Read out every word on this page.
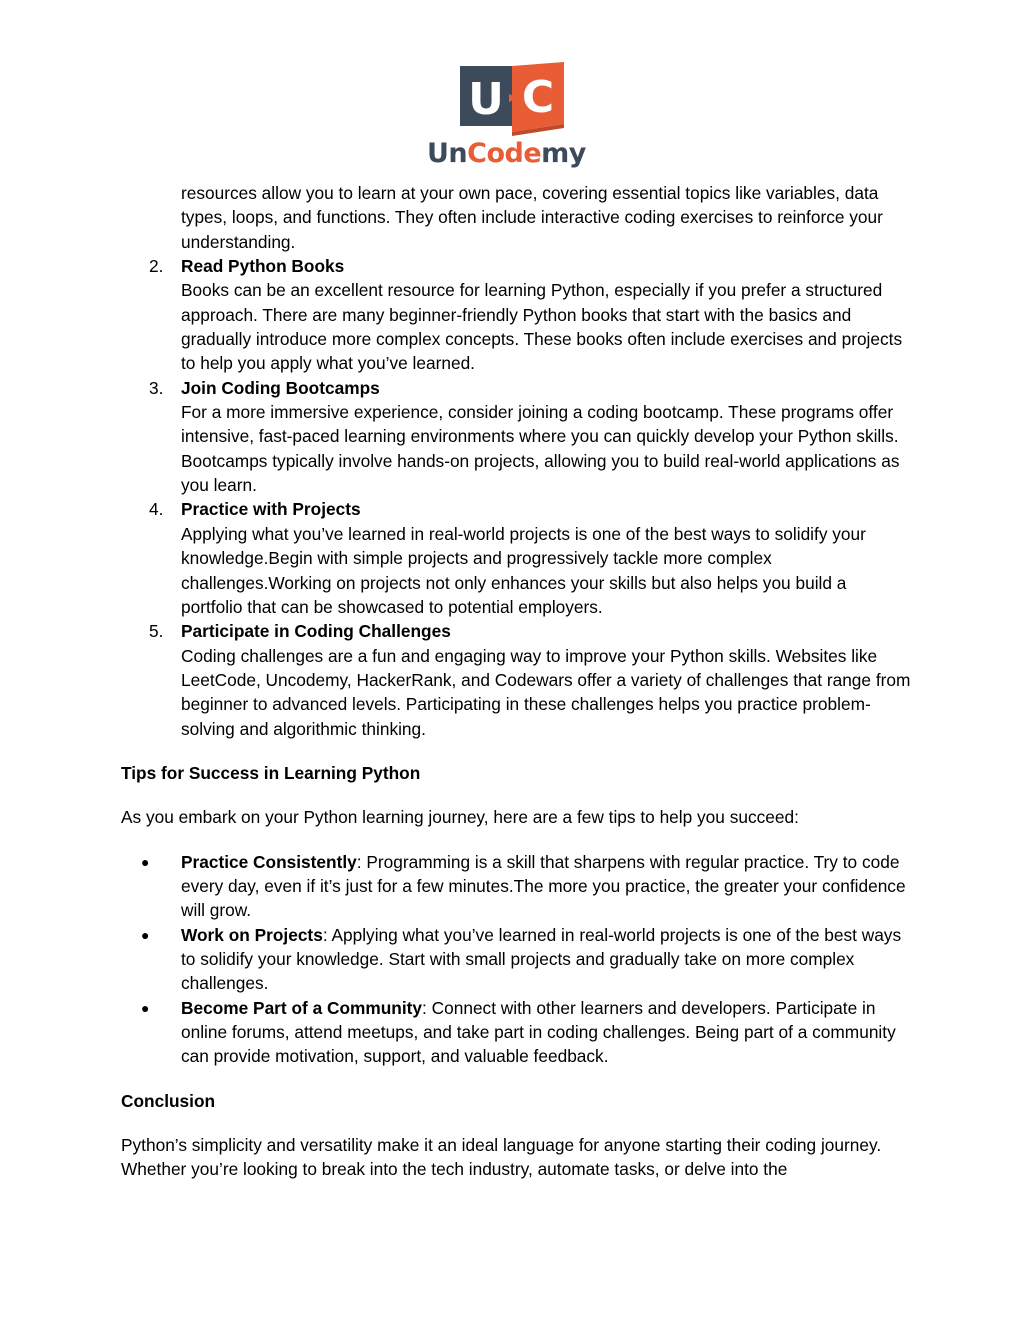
U C
UnCodemy
resources allow you to learn at your own pace, covering essential topics like variables, data types, loops, and functions. They often include interactive coding exercises to reinforce your understanding.
2. Read Python Books
Books can be an excellent resource for learning Python, especially if you prefer a structured approach. There are many beginner-friendly Python books that start with the basics and gradually introduce more complex concepts. These books often include exercises and projects to help you apply what you’ve learned.
3. Join Coding Bootcamps
For a more immersive experience, consider joining a coding bootcamp. These programs offer intensive, fast-paced learning environments where you can quickly develop your Python skills. Bootcamps typically involve hands-on projects, allowing you to build real-world applications as you learn.
4. Practice with Projects
Applying what you’ve learned in real-world projects is one of the best ways to solidify your knowledge.Begin with simple projects and progressively tackle more complex challenges.Working on projects not only enhances your skills but also helps you build a portfolio that can be showcased to potential employers.
5. Participate in Coding Challenges
Coding challenges are a fun and engaging way to improve your Python skills. Websites like LeetCode, Uncodemy, HackerRank, and Codewars offer a variety of challenges that range from beginner to advanced levels. Participating in these challenges helps you practice problem-solving and algorithmic thinking.
Tips for Success in Learning Python
As you embark on your Python learning journey, here are a few tips to help you succeed:
● Practice Consistently: Programming is a skill that sharpens with regular practice. Try to code every day, even if it’s just for a few minutes.The more you practice, the greater your confidence will grow.
● Work on Projects: Applying what you’ve learned in real-world projects is one of the best ways to solidify your knowledge. Start with small projects and gradually take on more complex challenges.
● Become Part of a Community: Connect with other learners and developers. Participate in online forums, attend meetups, and take part in coding challenges. Being part of a community can provide motivation, support, and valuable feedback.
Conclusion
Python’s simplicity and versatility make it an ideal language for anyone starting their coding journey. Whether you’re looking to break into the tech industry, automate tasks, or delve into the
